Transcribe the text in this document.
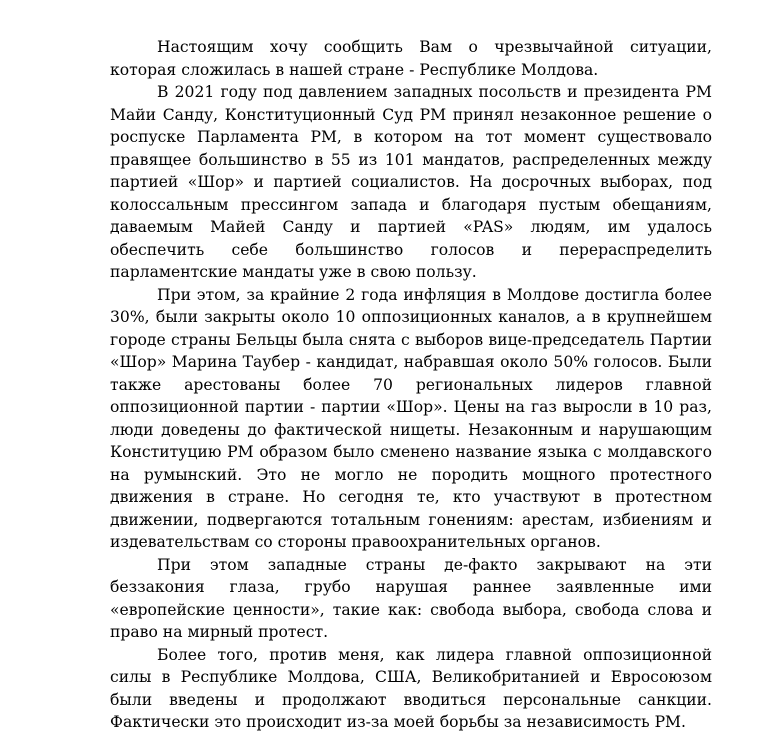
Настоящим хочу сообщить Вам о чрезвычайной ситуации, которая сложилась в нашей стране - Республике Молдова.

В 2021 году под давлением западных посольств и президента РМ Майи Санду, Конституционный Суд РМ принял незаконное решение о роспуске Парламента РМ, в котором на тот момент существовало правящее большинство в 55 из 101 мандатов, распределенных между партией «Шор» и партией социалистов. На досрочных выборах, под колоссальным прессингом запада и благодаря пустым обещаниям, даваемым Майей Санду и партией «PAS» людям, им удалось обеспечить себе большинство голосов и перераспределить парламентские мандаты уже в свою пользу.

При этом, за крайние 2 года инфляция в Молдове достигла более 30%, были закрыты около 10 оппозиционных каналов, а в крупнейшем городе страны Бельцы была снята с выборов вице-председатель Партии «Шор» Марина Таубер - кандидат, набравшая около 50% голосов. Были также арестованы более 70 региональных лидеров главной оппозиционной партии - партии «Шор». Цены на газ выросли в 10 раз, люди доведены до фактической нищеты. Незаконным и нарушающим Конституцию РМ образом было сменено название языка с молдавского на румынский. Это не могло не породить мощного протестного движения в стране. Но сегодня те, кто участвуют в протестном движении, подвергаются тотальным гонениям: арестам, избиениям и издевательствам со стороны правоохранительных органов.

При этом западные страны де-факто закрывают на эти беззакония глаза, грубо нарушая раннее заявленные ими «европейские ценности», такие как: свобода выбора, свобода слова и право на мирный протест.

Более того, против меня, как лидера главной оппозиционной силы в Республике Молдова, США, Великобританией и Евросоюзом были введены и продолжают вводиться персональные санкции. Фактически это происходит из-за моей борьбы за независимость РМ.
